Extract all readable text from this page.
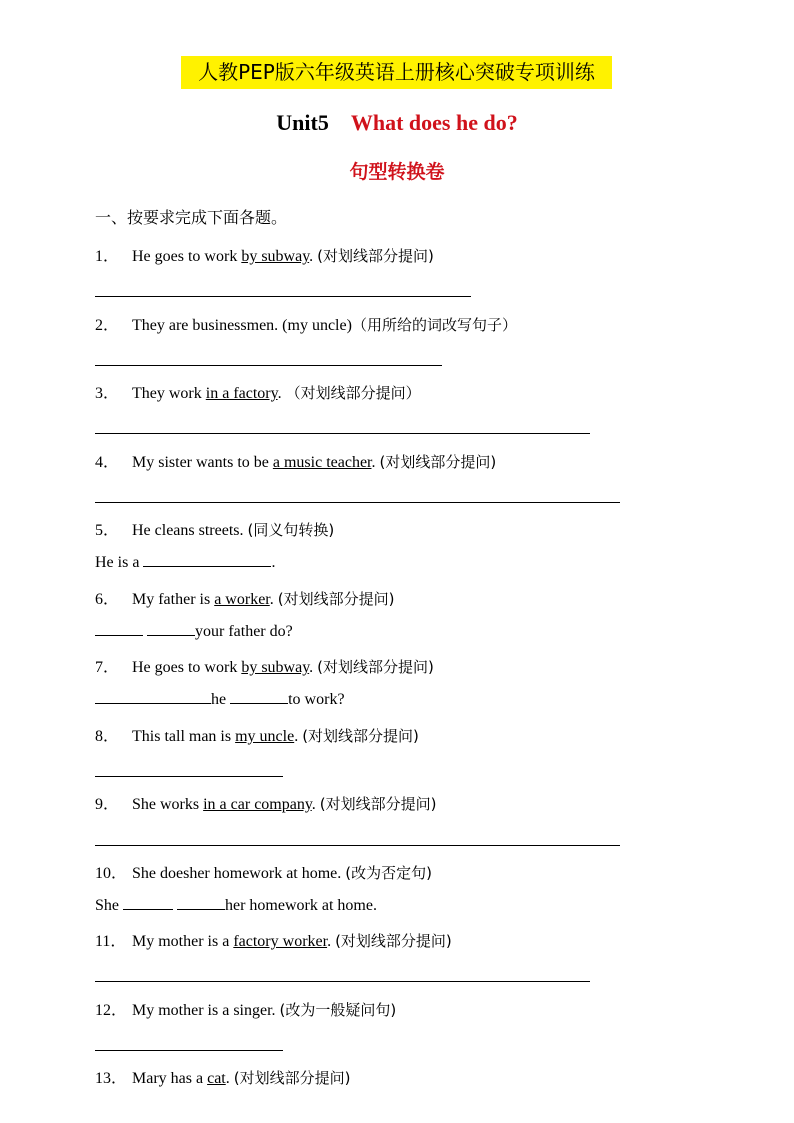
人教PEP版六年级英语上册核心突破专项训练
Unit5 What does he do?
句型转换卷
一、按要求完成下面各题。
1． He goes to work by subway. (对划线部分提问)
2． They are businessmen. (my uncle)（用所给的词改写句子）
3． They work in a factory. （对划线部分提问）
4． My sister wants to be a music teacher. (对划线部分提问)
5． He cleans streets. (同义句转换)
He is a	.
6． My father is a worker. (对划线部分提问)
your father do?
7． He goes to work by subway. (对划线部分提问)
he	to work?
8． This tall man is my uncle. (对划线部分提问)
9． She works in a car company. (对划线部分提问)
10． She doesher homework at home. (改为否定句)
She	her homework at home.
11． My mother is a factory worker. (对划线部分提问)
12． My mother is a singer. (改为一般疑问句)
13． Mary has a cat. (对划线部分提问)
